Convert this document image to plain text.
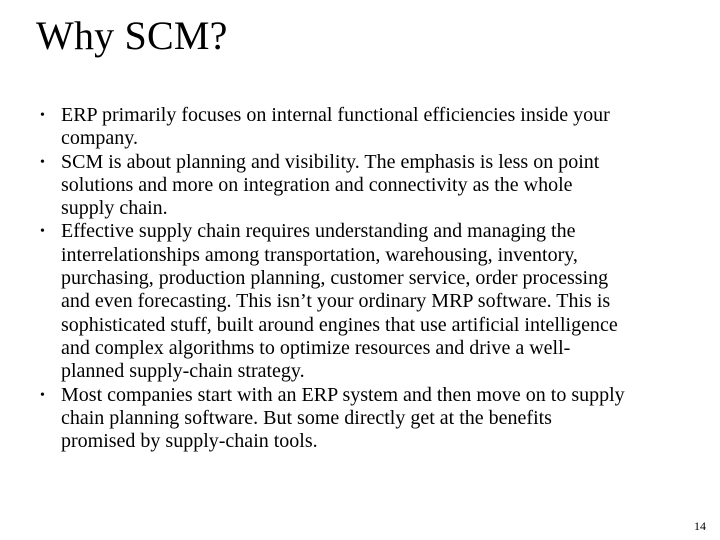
Why SCM?
• ERP primarily focuses on internal functional efficiencies inside your company.
• SCM is about planning and visibility. The emphasis is less on point solutions and more on integration and connectivity as the whole supply chain.
• Effective supply chain requires understanding and managing the interrelationships among transportation, warehousing, inventory, purchasing, production planning, customer service, order processing and even forecasting. This isn’t your ordinary MRP software. This is sophisticated stuff, built around engines that use artificial intelligence and complex algorithms to optimize resources and drive a well-planned supply-chain strategy.
• Most companies start with an ERP system and then move on to supply chain planning software. But some directly get at the benefits promised by supply-chain tools.
14
